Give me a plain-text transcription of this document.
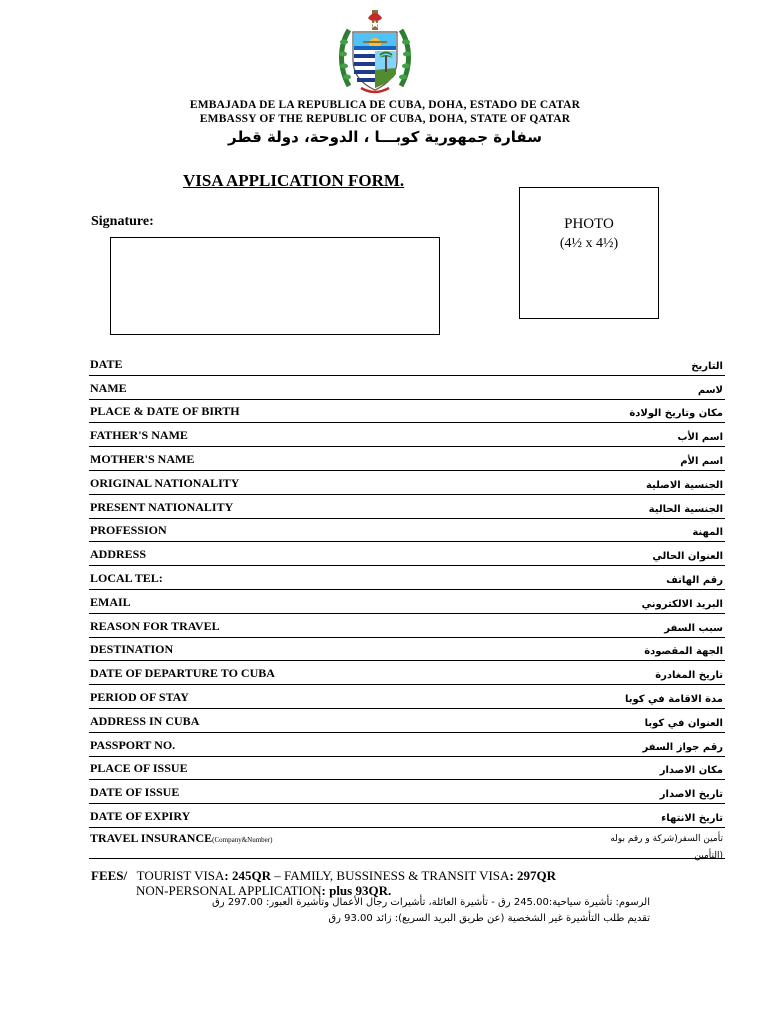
EMBAJADA DE LA REPUBLICA DE CUBA, DOHA, ESTADO DE CATAR
EMBASSY OF THE REPUBLIC OF CUBA, DOHA, STATE OF QATAR
سفارة جمهورية كوبـــا ، الدوحة، دولة قطر
VISA APPLICATION FORM.
Signature:	PHOTO
(4½ x 4½)
DATE	التاريخ
NAME	لاسم
PLACE & DATE OF BIRTH	مكان وتاريخ الولادة
FATHER'S NAME	اسم الأب
MOTHER'S NAME	اسم الأم
ORIGINAL NATIONALITY	الجنسية الاصلية
PRESENT NATIONALITY	الجنسية الحالية
PROFESSION	المهنة
ADDRESS	العنوان الحالي
LOCAL TEL:	رقم الهاتف
EMAIL	البريد الالكتروني
REASON FOR TRAVEL	سبب السفر
DESTINATION	الجهة المقصودة
DATE OF DEPARTURE TO CUBA	تاريخ المغادرة
PERIOD OF STAY	مدة الاقامة في كوبا
ADDRESS IN CUBA	العنوان في كوبا
PASSPORT NO.	رقم جواز السفر
PLACE OF ISSUE	مكان الاصدار
DATE OF ISSUE	تاريخ الاصدار
DATE OF EXPIRY	تاريخ الانتهاء
TRAVEL INSURANCE(Company&Number)	تأمين السفر(شركة و رقم بوله
(التأمين
FEES/ TOURIST VISA: 245QR – FAMILY, BUSSINESS & TRANSIT VISA: 297QR
NON-PERSONAL APPLICATION: plus 93QR.
الرسوم: تأشيرة سياحية:245.00 رق - تأشيرة العائلة، تأشيرات رجال الأعمال وتأشيرة العبور: 297.00 رق
تقديم طلب التأشيرة غير الشخصية (عن طريق البريد السريع): زائد 93.00 رق
